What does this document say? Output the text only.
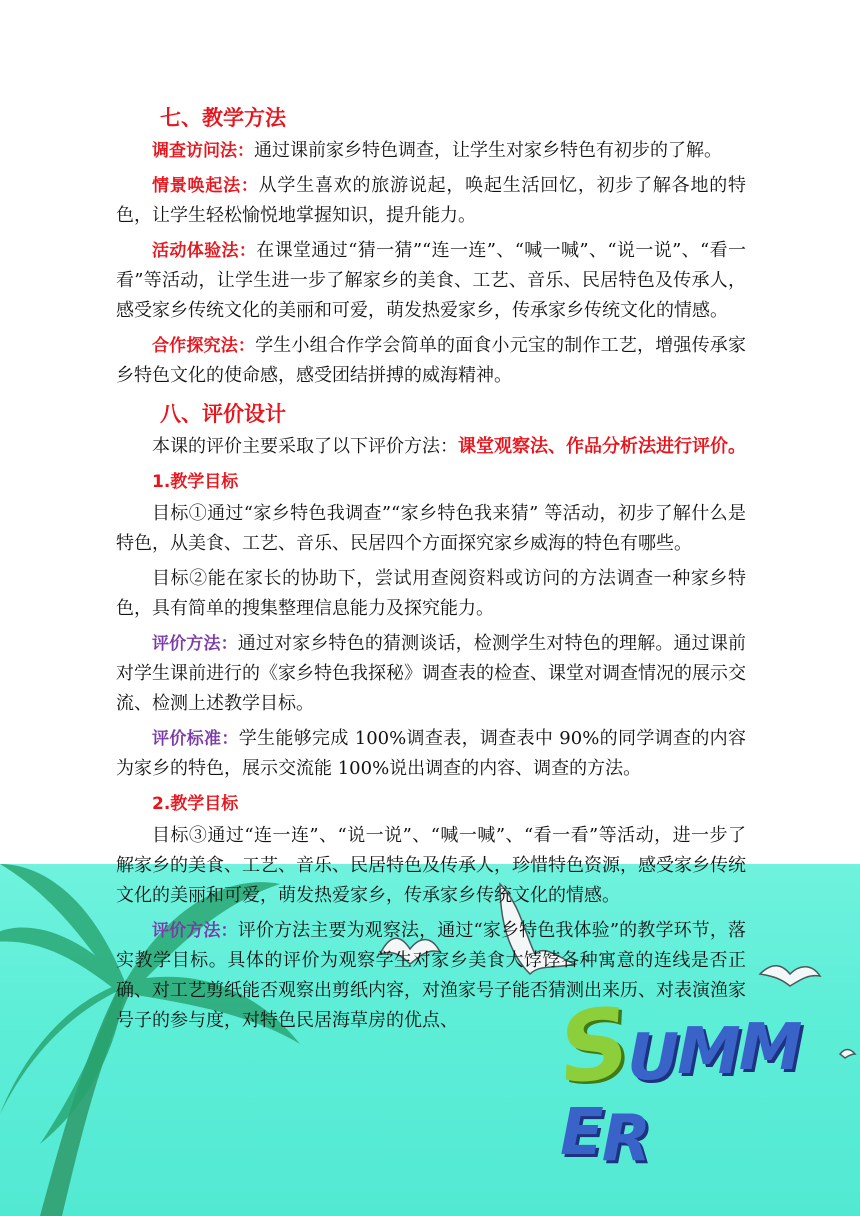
SUMMER
七、教学方法

调查访问法：通过课前家乡特色调查，让学生对家乡特色有初步的了解。

情景唤起法：从学生喜欢的旅游说起，唤起生活回忆，初步了解各地的特色，让学生轻松愉悦地掌握知识，提升能力。

活动体验法：在课堂通过“猜一猜”“连一连”、“喊一喊”、“说一说”、“看一看”等活动，让学生进一步了解家乡的美食、工艺、音乐、民居特色及传承人，感受家乡传统文化的美丽和可爱，萌发热爱家乡，传承家乡传统文化的情感。

合作探究法：学生小组合作学会简单的面食小元宝的制作工艺，增强传承家乡特色文化的使命感，感受团结拼搏的威海精神。

八、评价设计

本课的评价主要采取了以下评价方法：课堂观察法、作品分析法进行评价。

1.教学目标

目标①通过“家乡特色我调查”“家乡特色我来猜” 等活动，初步了解什么是特色，从美食、工艺、音乐、民居四个方面探究家乡威海的特色有哪些。

目标②能在家长的协助下，尝试用查阅资料或访问的方法调查一种家乡特色，具有简单的搜集整理信息能力及探究能力。

评价方法：通过对家乡特色的猜测谈话，检测学生对特色的理解。通过课前对学生课前进行的《家乡特色我探秘》调查表的检查、课堂对调查情况的展示交流、检测上述教学目标。

评价标准：学生能够完成 100%调查表，调查表中 90%的同学调查的内容为家乡的特色，展示交流能 100%说出调查的内容、调查的方法。

2.教学目标

目标③通过“连一连”、“说一说”、“喊一喊”、“看一看”等活动，进一步了解家乡的美食、工艺、音乐、民居特色及传承人，珍惜特色资源，感受家乡传统文化的美丽和可爱，萌发热爱家乡，传承家乡传统文化的情感。

评价方法：评价方法主要为观察法，通过“家乡特色我体验”的教学环节，落实教学目标。具体的评价为观察学生对家乡美食大饽饽各种寓意的连线是否正确、对工艺剪纸能否观察出剪纸内容，对渔家号子能否猜测出来历、对表演渔家号子的参与度，对特色民居海草房的优点、
